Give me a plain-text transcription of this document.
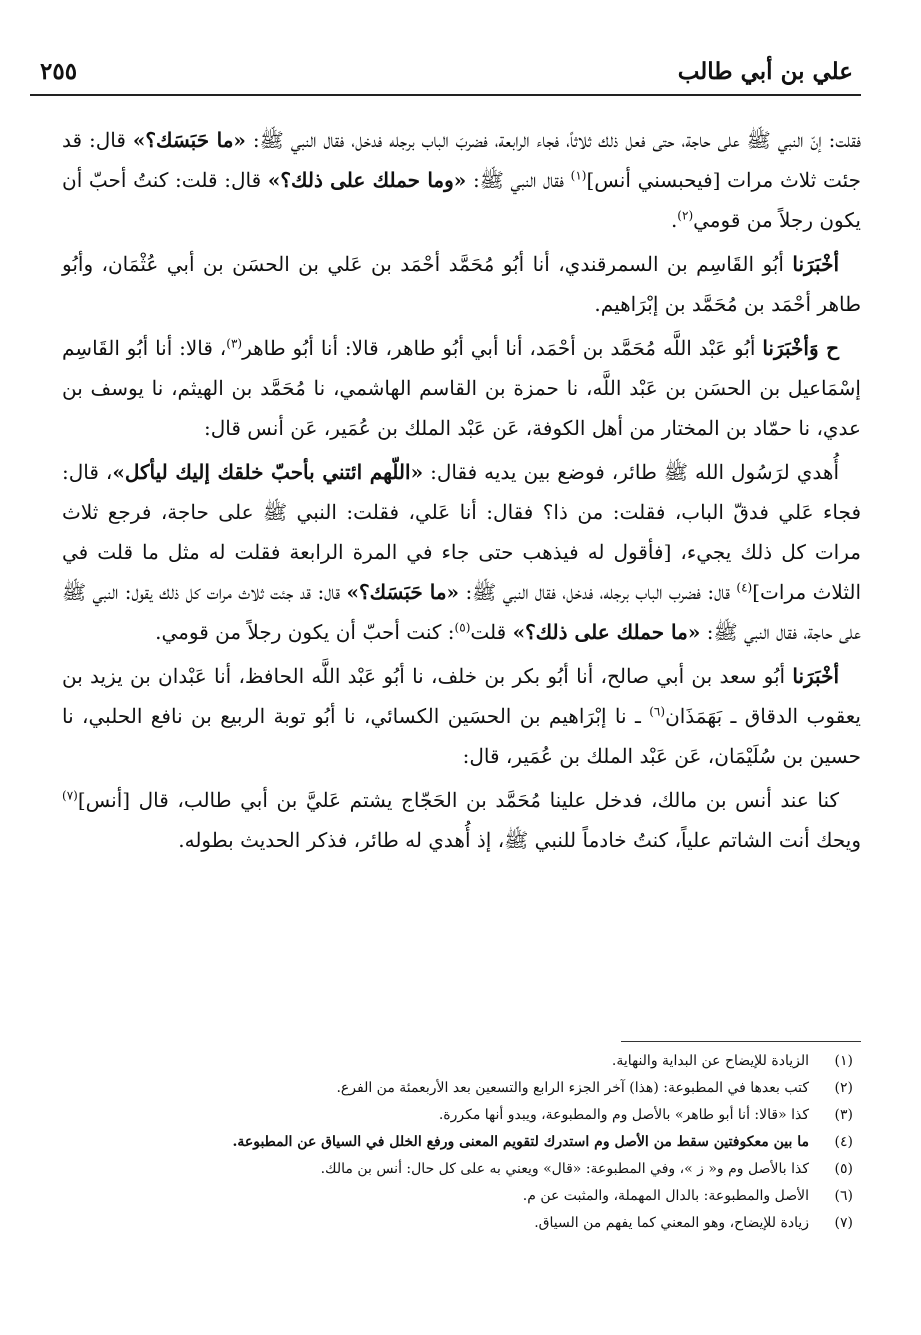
علي بن أبي طالب
٢٥٥

فقلت: إنّ النبي ﷺ على حاجة، حتى فعل ذلك ثلاثاً، فجاء الرابعة، فضربَ الباب برجله فدخل، فقال النبي ﷺ: «ما حَبَسَك؟» قال: قد جئت ثلاث مرات [فيحبسني أنس]$^{(١)}$ فقال النبي ﷺ: «وما حملك على ذلك؟» قال: قلت: كنتُ أحبّ أن يكون رجلاً من قومي$^{(٢)}$.

أخْبَرَنا أبُو القَاسِم بن السمرقندي، أنا أبُو مُحَمَّد أحْمَد بن عَلي بن الحسَن بن أبي عُثْمَان، وأبُو طاهر أحْمَد بن مُحَمَّد بن إبْرَاهيم.

ح وَأخْبَرَنا أبُو عَبْد اللَّه مُحَمَّد بن أحْمَد، أنا أبي أبُو طاهر، قالا: أنا أبُو طاهر$^{(٣)}$، قالا: أنا أبُو القَاسِم إسْمَاعيل بن الحسَن بن عَبْد اللَّه، نا حمزة بن القاسم الهاشمي، نا مُحَمَّد بن الهيثم، نا يوسف بن عدي، نا حمّاد بن المختار من أهل الكوفة، عَن عَبْد الملك بن عُمَير، عَن أنس قال:

أُهدي لرَسُول الله ﷺ طائر، فوضع بين يديه فقال: «اللّهم ائتني بأحبّ خلقك إليك ليأكل»، قال: فجاء عَلي فدقّ الباب، فقلت: من ذا؟ فقال: أنا عَلي، فقلت: النبي ﷺ على حاجة، فرجع ثلاث مرات كل ذلك يجيء، [فأقول له فيذهب حتى جاء في المرة الرابعة فقلت له مثل ما قلت في الثلاث مرات]$^{(٤)}$ قال: فضرب الباب برجله، فدخل، فقال النبي ﷺ: «ما حَبَسَك؟» قال: قد جئت ثلاث مرات كل ذلك يقول: النبي ﷺ على حاجة، فقال النبي ﷺ: «ما حملك على ذلك؟» قلت$^{(٥)}$: كنت أحبّ أن يكون رجلاً من قومي.

أخْبَرَنا أبُو سعد بن أبي صالح، أنا أبُو بكر بن خلف، نا أبُو عَبْد اللَّه الحافظ، أنا عَبْدان بن يزيد بن يعقوب الدقاق ـ بَهَمَذَان$^{(٦)}$ ـ نا إبْرَاهيم بن الحسَين الكسائي، نا أبُو توبة الربيع بن نافع الحلبي، نا حسين بن سُلَيْمَان، عَن عَبْد الملك بن عُمَير، قال:

كنا عند أنس بن مالك، فدخل علينا مُحَمَّد بن الحَجّاج يشتم عَليَّ بن أبي طالب، قال [أنس]$^{(٧)}$ ويحك أنت الشاتم علياً، كنتُ خادماً للنبي ﷺ، إذ أُهدي له طائر، فذكر الحديث بطوله.

(١)
الزيادة للإيضاح عن البداية والنهاية.
(٢)
كتب بعدها في المطبوعة: (هذا) آخر الجزء الرابع والتسعين بعد الأربعمئة من الفرع.
(٣)
كذا «قالا: أنا أبو طاهر» بالأصل وم والمطبوعة، ويبدو أنها مكررة.
(٤)
ما بين معكوفتين سقط من الأصل وم استدرك لتقويم المعنى ورفع الخلل في السياق عن المطبوعة.
(٥)
كذا بالأصل وم و« ز »، وفي المطبوعة: «قال» ويعني به على كل حال: أنس بن مالك.
(٦)
الأصل والمطبوعة: بالدال المهملة، والمثبت عن م.
(٧)
زيادة للإيضاح، وهو المعني كما يفهم من السياق.
